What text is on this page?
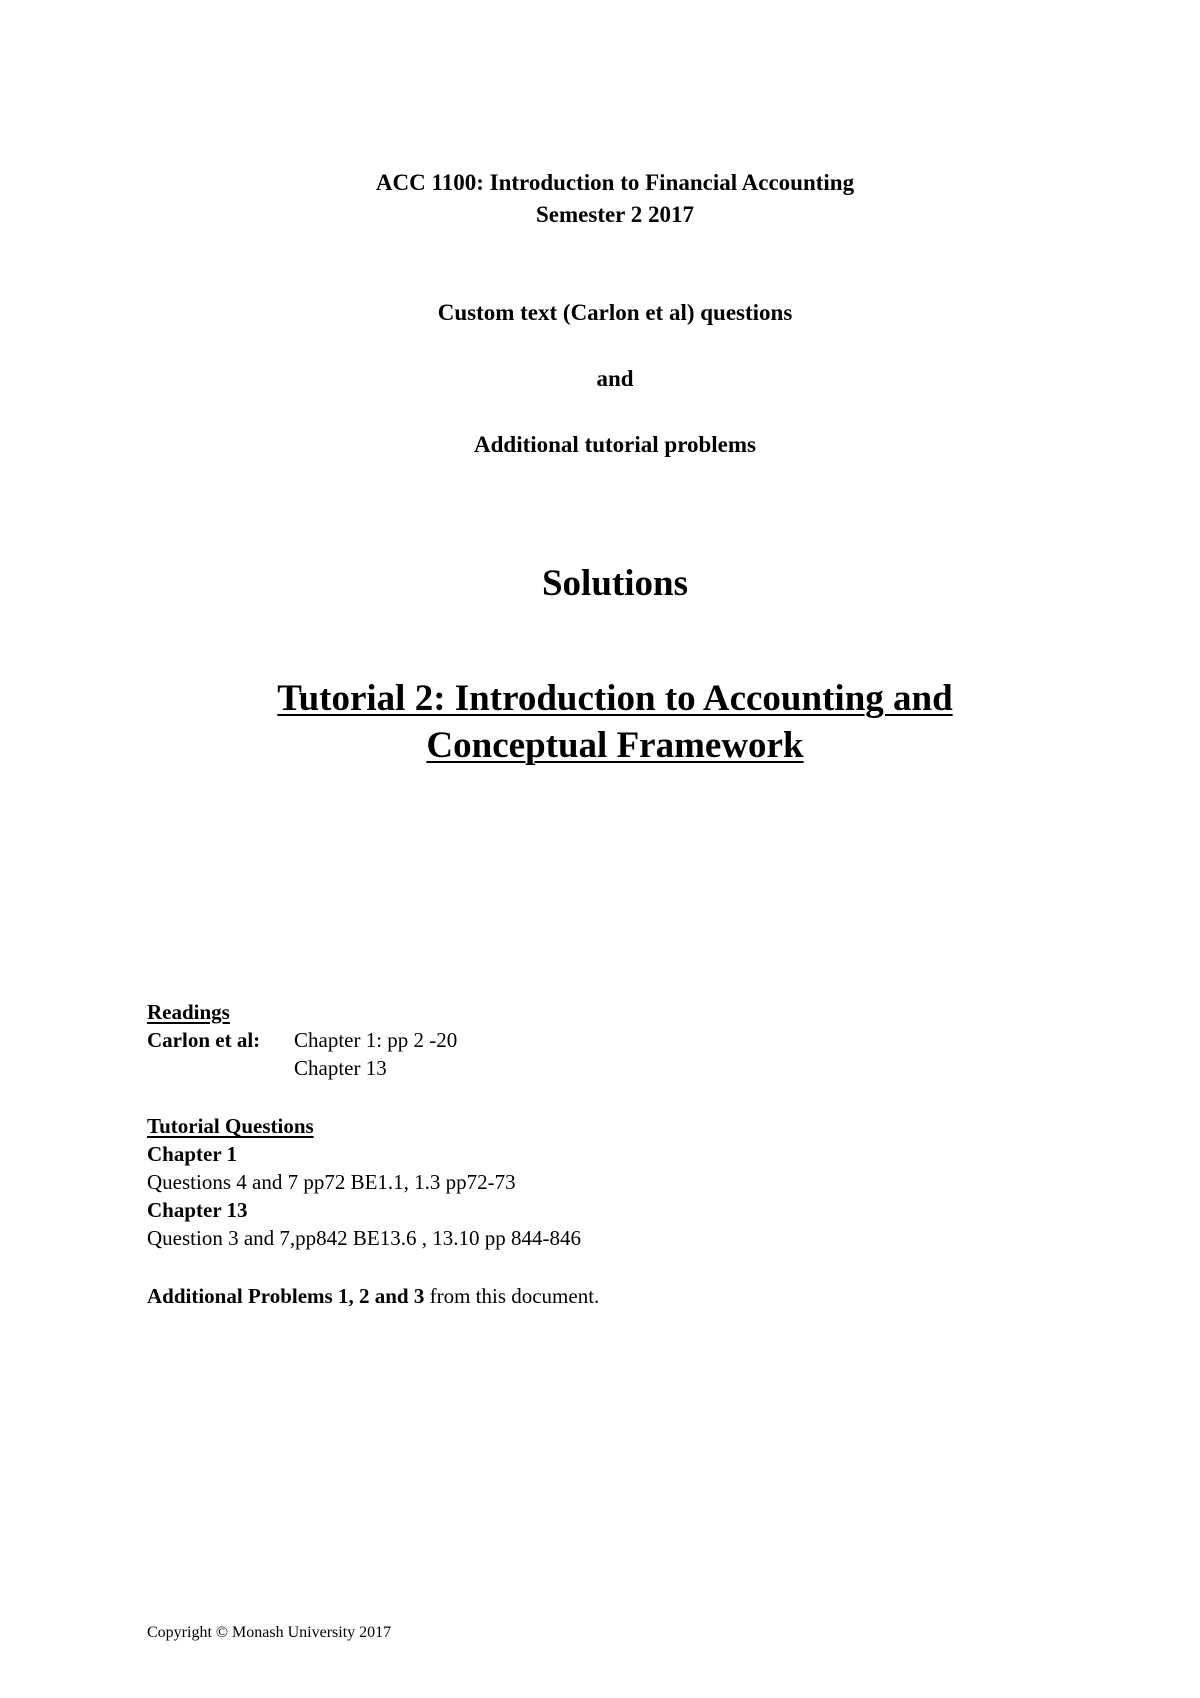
ACC 1100: Introduction to Financial Accounting
Semester 2 2017
Custom text (Carlon et al) questions
and
Additional tutorial problems
Solutions
Tutorial 2: Introduction to Accounting and
Conceptual Framework
Readings
Carlon et al: Chapter 1: pp 2 -20
Chapter 13
Tutorial Questions
Chapter 1
Questions 4 and 7 pp72 BE1.1, 1.3 pp72-73
Chapter 13
Question 3 and 7,pp842 BE13.6 , 13.10 pp 844-846
Additional Problems 1, 2 and 3 from this document.
Copyright © Monash University 2017
